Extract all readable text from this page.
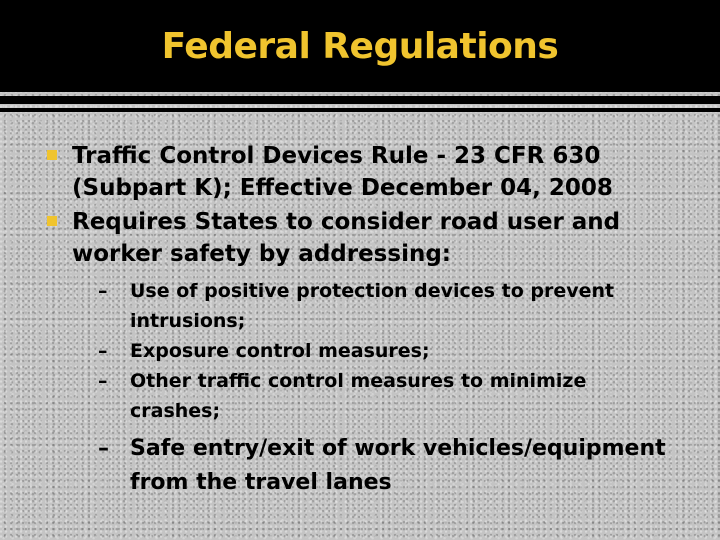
Federal Regulations
Traffic Control Devices Rule - 23 CFR 630 (Subpart K); Effective December 04, 2008
Requires States to consider road user and worker safety by addressing:
– Use of positive protection devices to prevent intrusions;
– Exposure control measures;
– Other traffic control measures to minimize crashes;
– Safe entry/exit of work vehicles/equipment from the travel lanes
